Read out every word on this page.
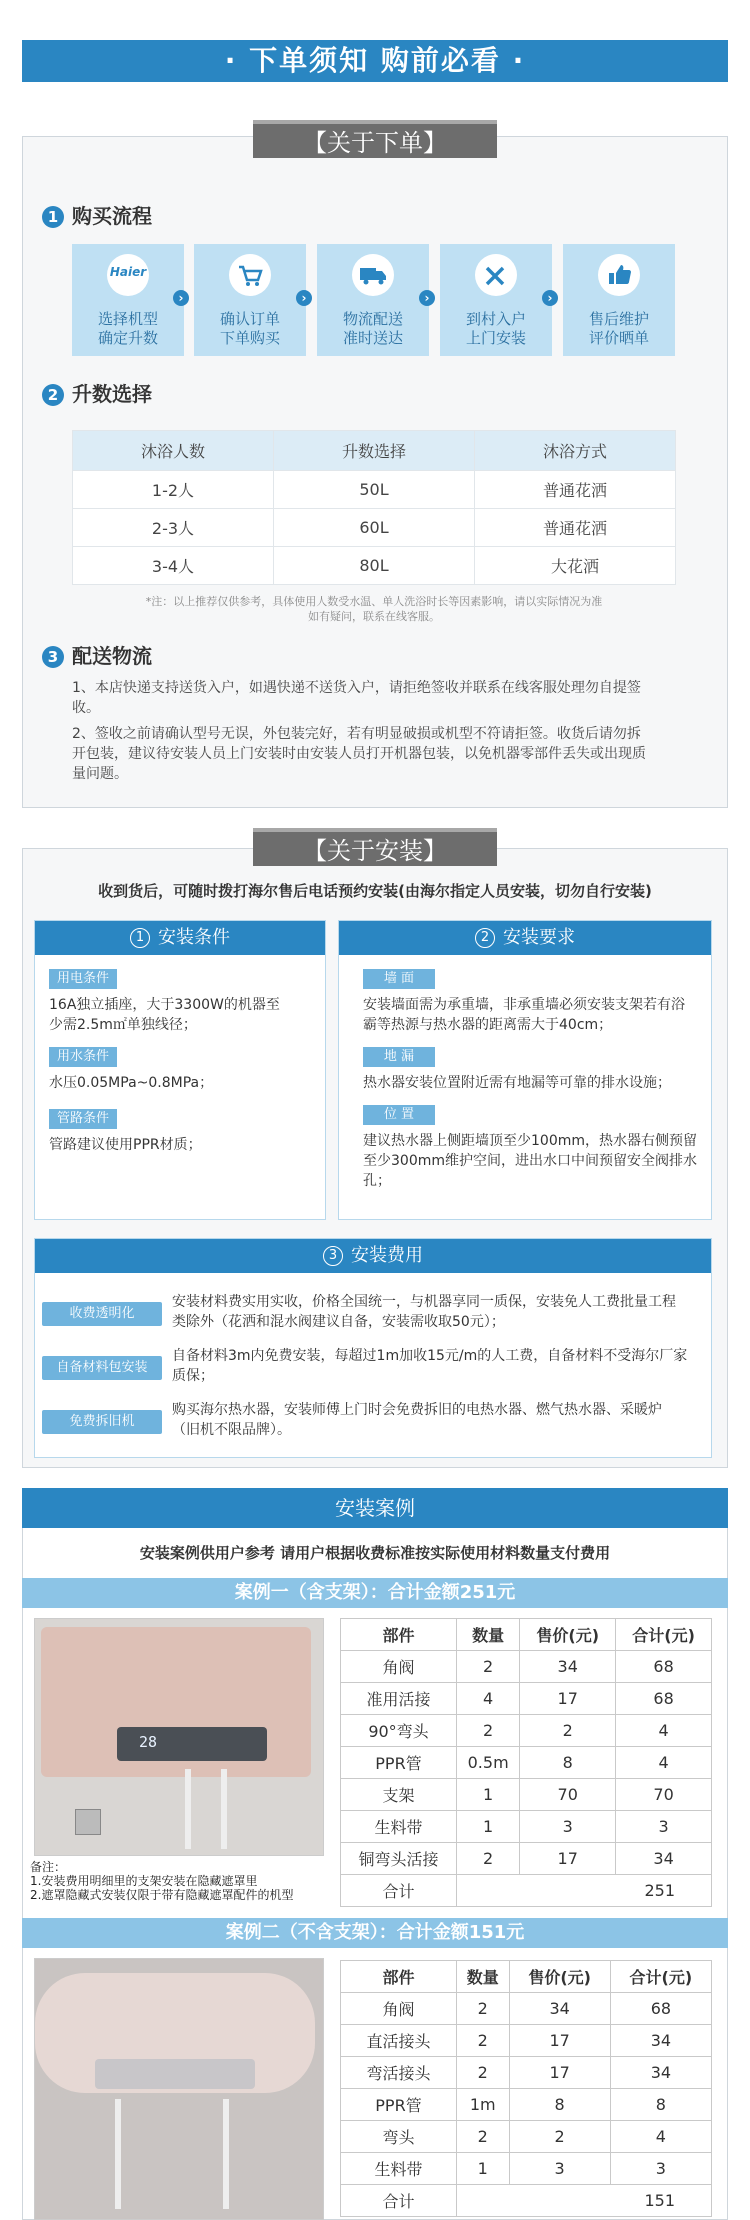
· 下单须知 购前必看 ·
【关于下单】
1 购买流程
Haier
选择机型
确定升数
›
确认订单
下单购买
›
物流配送
准时送达
›
到村入户
上门安装
›
售后维护
评价晒单
2 升数选择
沐浴人数	升数选择	沐浴方式
1-2人	50L	普通花洒
2-3人	60L	普通花洒
3-4人	80L	大花洒
*注：以上推荐仅供参考，具体使用人数受水温、单人洗浴时长等因素影响，请以实际情况为准
如有疑问，联系在线客服。
3 配送物流
1、本店快递支持送货入户，如遇快递不送货入户，请拒绝签收并联系在线客服处理勿自提签收。
2、签收之前请确认型号无误，外包装完好，若有明显破损或机型不符请拒签。收货后请勿拆开包装，建议待安装人员上门安装时由安装人员打开机器包装，以免机器零部件丢失或出现质量问题。
【关于安装】
收到货后，可随时拨打海尔售后电话预约安装(由海尔指定人员安装，切勿自行安装)
1 安装条件
用电条件
16A独立插座，大于3300W的机器至少需2.5m㎡单独线径；
用水条件
水压0.05MPa~0.8MPa；
管路条件
管路建议使用PPR材质；
2 安装要求
墙 面
安装墙面需为承重墙，非承重墙必须安装支架若有浴霸等热源与热水器的距离需大于40cm；
地 漏
热水器安装位置附近需有地漏等可靠的排水设施；
位 置
建议热水器上侧距墙顶至少100mm，热水器右侧预留至少300mm维护空间，进出水口中间预留安全阀排水孔；
3 安装费用
收费透明化
安装材料费实用实收，价格全国统一，与机器享同一质保，安装免人工费批量工程类除外（花洒和混水阀建议自备，安装需收取50元）；
自备材料包安装
自备材料3m内免费安装，每超过1m加收15元/m的人工费，自备材料不受海尔厂家质保；
免费拆旧机
购买海尔热水器，安装师傅上门时会免费拆旧的电热水器、燃气热水器、采暖炉（旧机不限品牌）。
安装案例
安装案例供用户参考 请用户根据收费标准按实际使用材料数量支付费用
案例一（含支架）：合计金额251元
28
备注：
1.安装费用明细里的支架安装在隐藏遮罩里
2.遮罩隐藏式安装仅限于带有隐藏遮罩配件的机型
部件	数量	售价(元)	合计(元)
角阀	2	34	68
准用活接	4	17	68
90°弯头	2	2	4
PPR管	0.5m	8	4
支架	1	70	70
生料带	1	3	3
铜弯头活接	2	17	34
合计	251		
案例二（不含支架）：合计金额151元
部件	数量	售价(元)	合计(元)
角阀	2	34	68
直活接头	2	17	34
弯活接头	2	17	34
PPR管	1m	8	8
弯头	2	2	4
生料带	1	3	3
合计	151		
